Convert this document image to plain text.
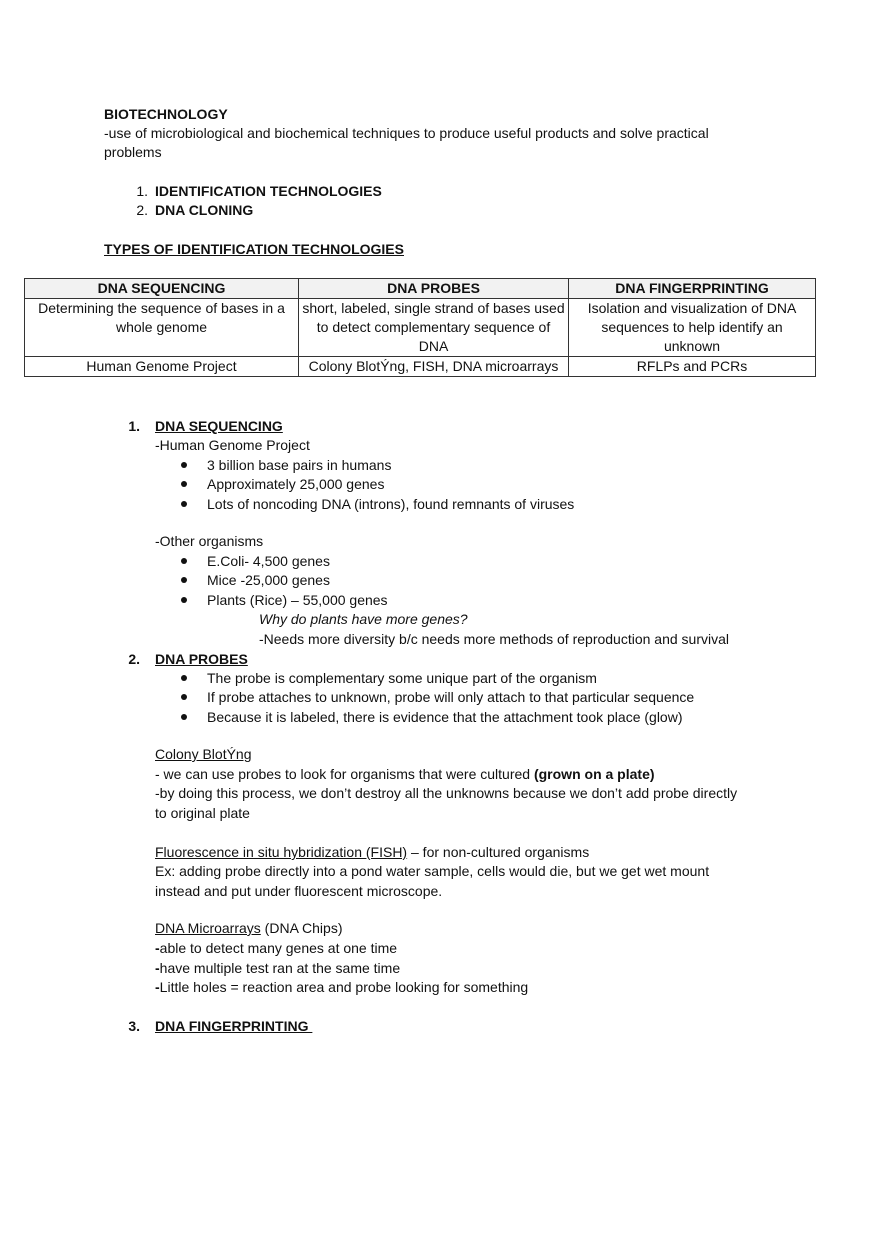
BIOTECHNOLOGY
-use of microbiological and biochemical techniques to produce useful products and solve practical
problems
1. IDENTIFICATION TECHNOLOGIES
2. DNA CLONING
TYPES OF IDENTIFICATION TECHNOLOGIES
DNA SEQUENCING	DNA PROBES	DNA FINGERPRINTING
Determining the sequence of bases in a whole genome	short, labeled, single strand of bases used to detect complementary sequence of DNA	Isolation and visualization of DNA sequences to help identify an unknown
Human Genome Project	Colony BlotÝng, FISH, DNA microarrays	RFLPs and PCRs
1. DNA SEQUENCING
-Human Genome Project
3 billion base pairs in humans
Approximately 25,000 genes
Lots of noncoding DNA (introns), found remnants of viruses
-Other organisms
E.Coli- 4,500 genes
Mice -25,000 genes
Plants (Rice) – 55,000 genes
Why do plants have more genes?
-Needs more diversity b/c needs more methods of reproduction and survival
2. DNA PROBES
The probe is complementary some unique part of the organism
If probe attaches to unknown, probe will only attach to that particular sequence
Because it is labeled, there is evidence that the attachment took place (glow)
Colony BlotÝng
- we can use probes to look for organisms that were cultured (grown on a plate)
-by doing this process, we don’t destroy all the unknowns because we don’t add probe directly
to original plate
Fluorescence in situ hybridization (FISH) – for non-cultured organisms
Ex: adding probe directly into a pond water sample, cells would die, but we get wet mount
instead and put under fluorescent microscope.
DNA Microarrays (DNA Chips)
-able to detect many genes at one time
-have multiple test ran at the same time
-Little holes = reaction area and probe looking for something
3. DNA FINGERPRINTING
